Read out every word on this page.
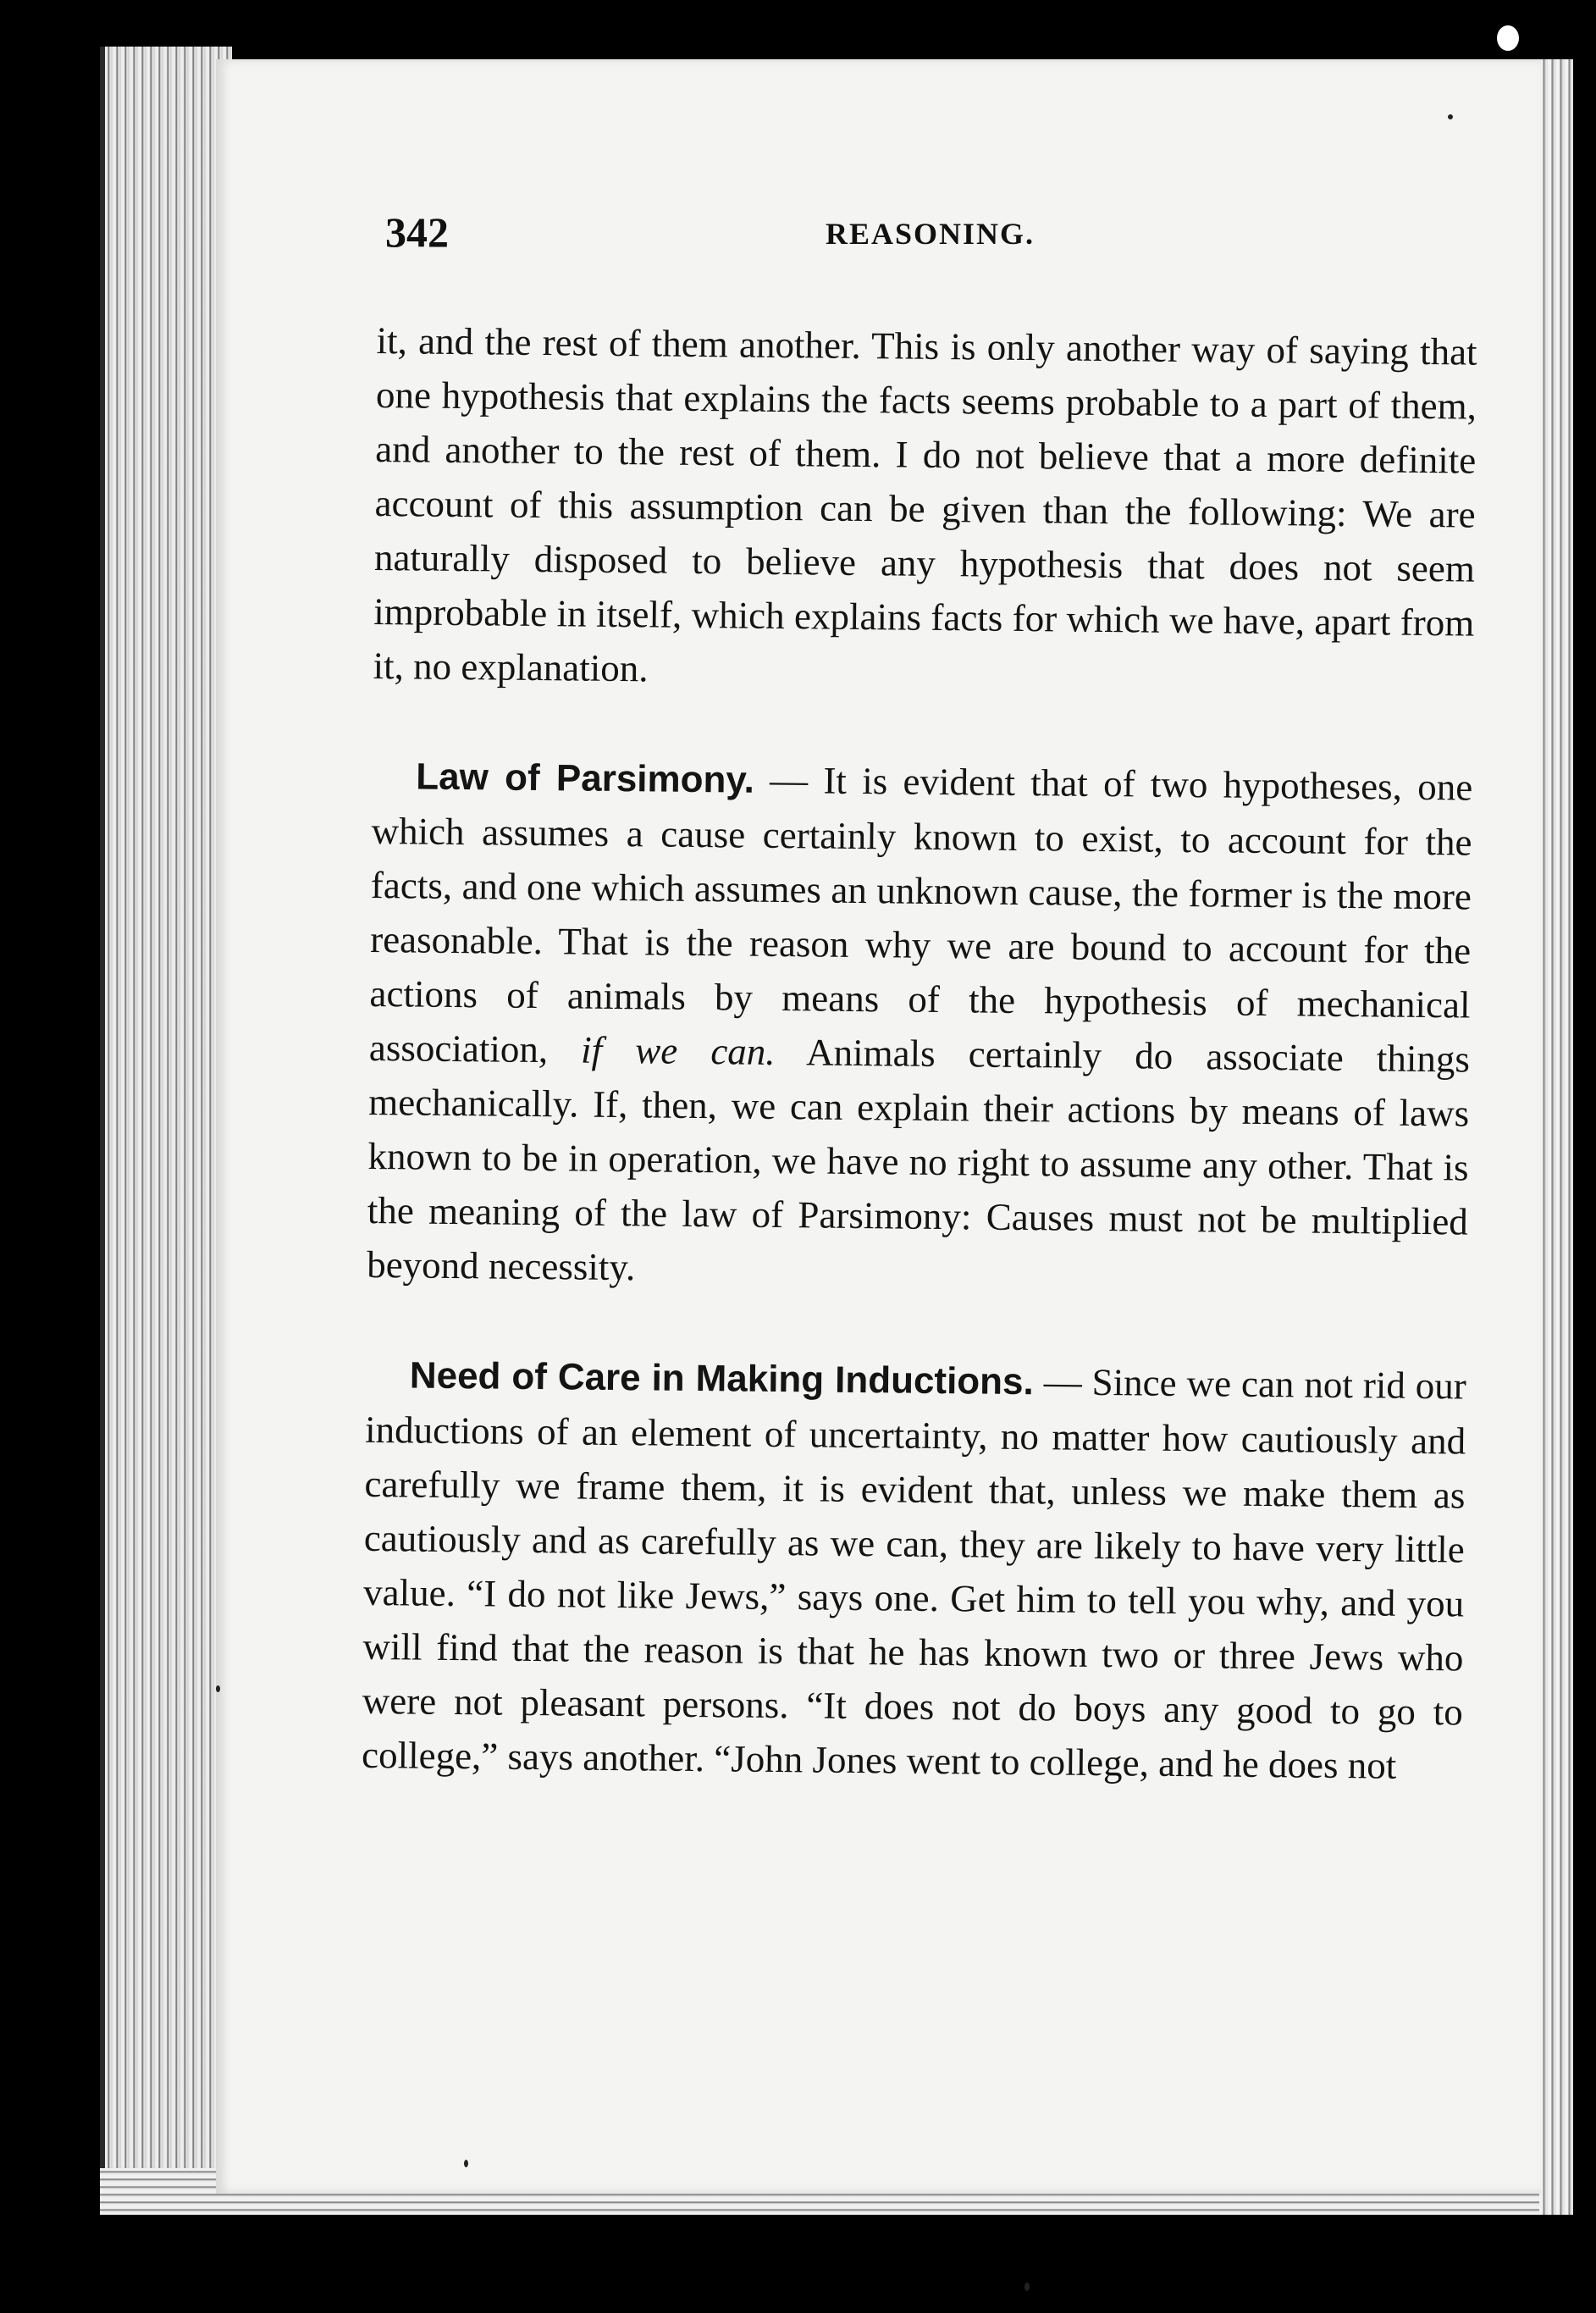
342	REASONING.

it, and the rest of them another. This is only another way of saying that one hypothesis that explains the facts seems probable to a part of them, and another to the rest of them. I do not believe that a more definite account of this assumption can be given than the following: We are naturally disposed to believe any hypothesis that does not seem improbable in itself, which explains facts for which we have, apart from it, no explanation.

Law of Parsimony. — It is evident that of two hypotheses, one which assumes a cause certainly known to exist, to account for the facts, and one which assumes an unknown cause, the former is the more reasonable. That is the reason why we are bound to account for the actions of animals by means of the hypothesis of mechanical association, if we can. Animals certainly do associate things mechanically. If, then, we can explain their actions by means of laws known to be in operation, we have no right to assume any other. That is the meaning of the law of Parsimony: Causes must not be multiplied beyond necessity.

Need of Care in Making Inductions. — Since we can not rid our inductions of an element of uncertainty, no matter how cautiously and carefully we frame them, it is evident that, unless we make them as cautiously and as carefully as we can, they are likely to have very little value. “I do not like Jews,” says one. Get him to tell you why, and you will find that the reason is that he has known two or three Jews who were not pleasant persons. “It does not do boys any good to go to college,” says another. “John Jones went to college, and he does not
